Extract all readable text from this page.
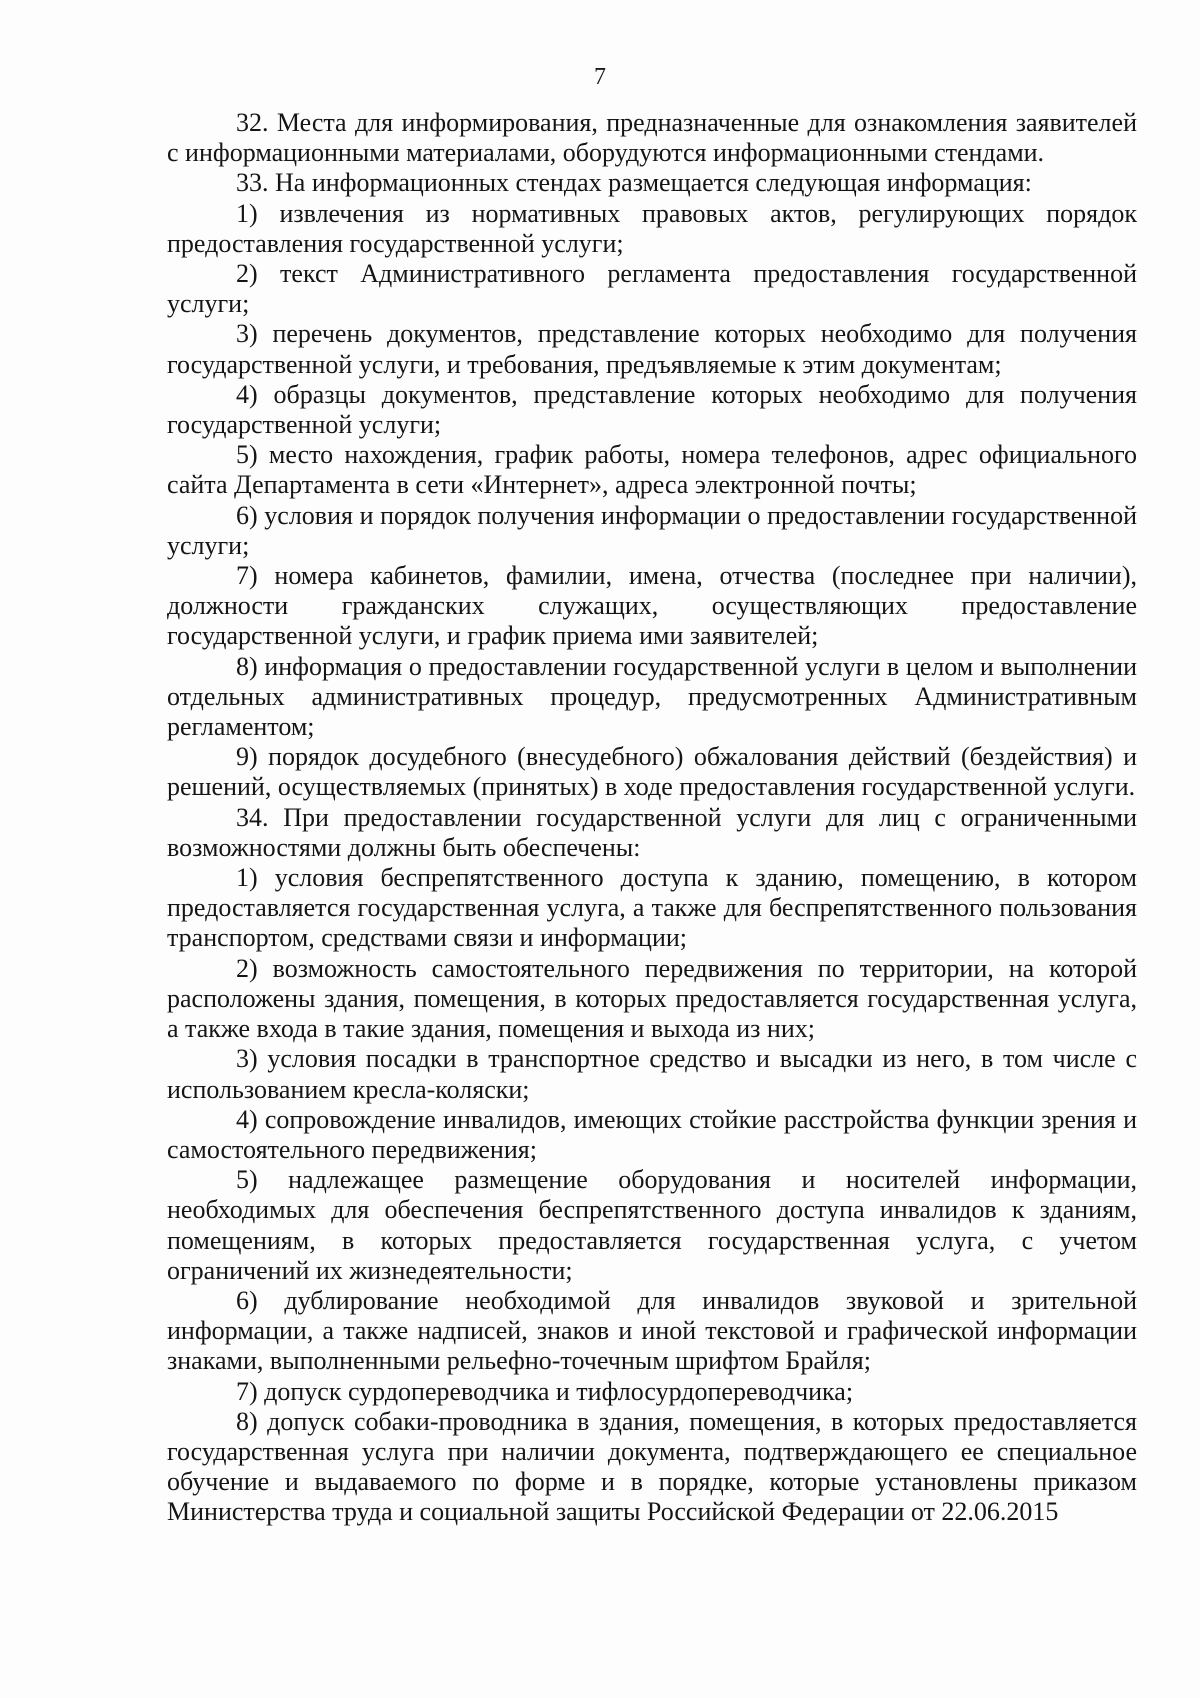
7

32. Места для информирования, предназначенные для ознакомления заявителей с информационными материалами, оборудуются информационными стендами.

33. На информационных стендах размещается следующая информация:

1) извлечения из нормативных правовых актов, регулирующих порядок предоставления государственной услуги;

2) текст Административного регламента предоставления государственной услуги;

3) перечень документов, представление которых необходимо для получения государственной услуги, и требования, предъявляемые к этим документам;

4) образцы документов, представление которых необходимо для получения государственной услуги;

5) место нахождения, график работы, номера телефонов, адрес официального сайта Департамента в сети «Интернет», адреса электронной почты;

6) условия и порядок получения информации о предоставлении государственной услуги;

7) номера кабинетов, фамилии, имена, отчества (последнее при наличии), должности гражданских служащих, осуществляющих предоставление государственной услуги, и график приема ими заявителей;

8) информация о предоставлении государственной услуги в целом и выполнении отдельных административных процедур, предусмотренных Административным регламентом;

9) порядок досудебного (внесудебного) обжалования действий (бездействия) и решений, осуществляемых (принятых) в ходе предоставления государственной услуги.

34. При предоставлении государственной услуги для лиц с ограниченными возможностями должны быть обеспечены:

1) условия беспрепятственного доступа к зданию, помещению, в котором предоставляется государственная услуга, а также для беспрепятственного пользования транспортом, средствами связи и информации;

2) возможность самостоятельного передвижения по территории, на которой расположены здания, помещения, в которых предоставляется государственная услуга, а также входа в такие здания, помещения и выхода из них;

3) условия посадки в транспортное средство и высадки из него, в том числе с использованием кресла-коляски;

4) сопровождение инвалидов, имеющих стойкие расстройства функции зрения и самостоятельного передвижения;

5) надлежащее размещение оборудования и носителей информации, необходимых для обеспечения беспрепятственного доступа инвалидов к зданиям, помещениям, в которых предоставляется государственная услуга, с учетом ограничений их жизнедеятельности;

6) дублирование необходимой для инвалидов звуковой и зрительной информации, а также надписей, знаков и иной текстовой и графической информации знаками, выполненными рельефно-точечным шрифтом Брайля;

7) допуск сурдопереводчика и тифлосурдопереводчика;

8) допуск собаки-проводника в здания, помещения, в которых предоставляется государственная услуга при наличии документа, подтверждающего ее специальное обучение и выдаваемого по форме и в порядке, которые установлены приказом Министерства труда и социальной защиты Российской Федерации от 22.06.2015
